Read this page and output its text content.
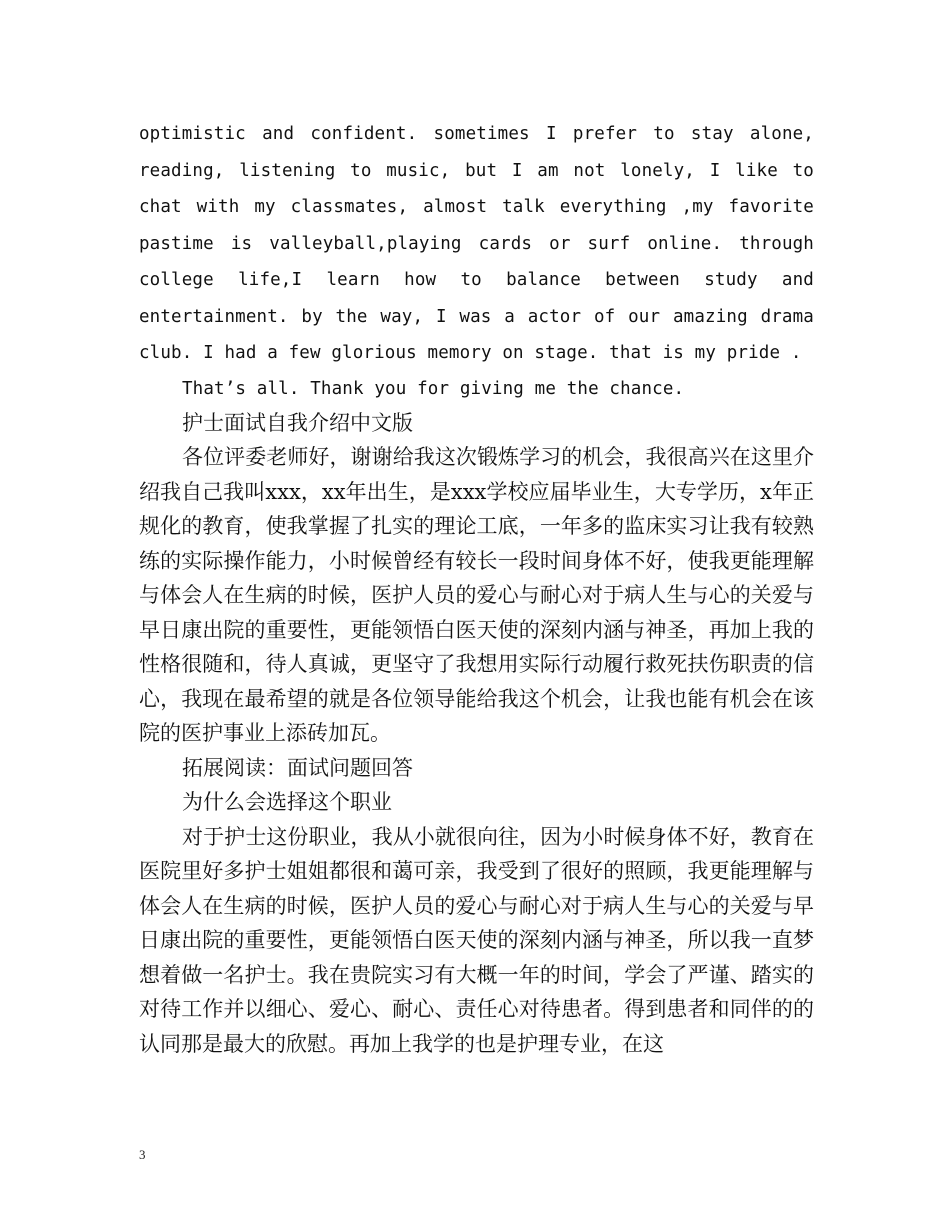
optimistic and confident. sometimes I prefer to stay alone, reading, listening to music, but I am not lonely, I like to chat with my classmates, almost talk everything ,my favorite pastime is valleyball,playing cards or surf online. through college life,I learn how to balance between study and entertainment. by the way, I was a actor of our amazing drama club. I had a few glorious memory on stage. that is my pride .

That’s all. Thank you for giving me the chance.

护士面试自我介绍中文版

各位评委老师好，谢谢给我这次锻炼学习的机会，我很高兴在这里介绍我自己我叫xxx，xx年出生，是xxx学校应届毕业生，大专学历，x年正规化的教育，使我掌握了扎实的理论工底，一年多的监床实习让我有较熟练的实际操作能力，小时候曾经有较长一段时间身体不好，使我更能理解与体会人在生病的时候，医护人员的爱心与耐心对于病人生与心的关爱与早日康出院的重要性，更能领悟白医天使的深刻内涵与神圣，再加上我的性格很随和，待人真诚，更坚守了我想用实际行动履行救死扶伤职责的信心，我现在最希望的就是各位领导能给我这个机会，让我也能有机会在该院的医护事业上添砖加瓦。

拓展阅读：面试问题回答

为什么会选择这个职业

对于护士这份职业，我从小就很向往，因为小时候身体不好，教育在医院里好多护士姐姐都很和蔼可亲，我受到了很好的照顾，我更能理解与体会人在生病的时候，医护人员的爱心与耐心对于病人生与心的关爱与早日康出院的重要性，更能领悟白医天使的深刻内涵与神圣，所以我一直梦想着做一名护士。我在贵院实习有大概一年的时间，学会了严谨、踏实的对待工作并以细心、爱心、耐心、责任心对待患者。得到患者和同伴的的认同那是最大的欣慰。再加上我学的也是护理专业，在这

3
